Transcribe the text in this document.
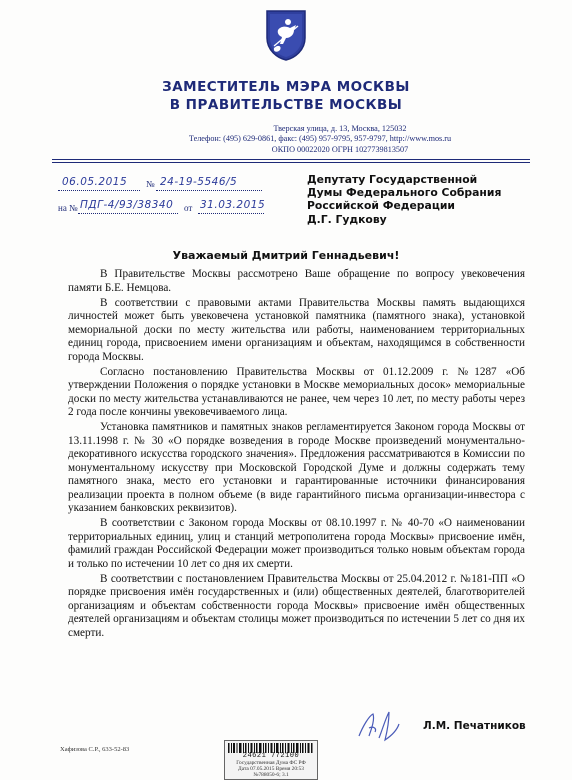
ЗАМЕСТИТЕЛЬ МЭРА МОСКВЫ
В ПРАВИТЕЛЬСТВЕ МОСКВЫ
Тверская улица, д. 13, Москва, 125032
Телефон: (495) 629-0861, факс: (495) 957-9795, 957-9797, http://www.mos.ru
ОКПО 00022020 ОГРН 1027739813507
06.05.2015 № 24-19-5546/5
на № ПДГ-4/93/38340 от 31.03.2015
Депутату Государственной
Думы Федерального Собрания
Российской Федерации
Д.Г. Гудкову
Уважаемый Дмитрий Геннадьевич!

В Правительстве Москвы рассмотрено Ваше обращение по вопросу увековечения памяти Б.Е. Немцова.

В соответствии с правовыми актами Правительства Москвы память выдающихся личностей может быть увековечена установкой памятника (памятного знака), установкой мемориальной доски по месту жительства или работы, наименованием территориальных единиц города, присвоением имени организациям и объектам, находящимся в собственности города Москвы.

Согласно постановлению Правительства Москвы от 01.12.2009 г. №1287 «Об утверждении Положения о порядке установки в Москве мемориальных досок» мемориальные доски по месту жительства устанавливаются не ранее, чем через 10 лет, по месту работы через 2 года после кончины увековечиваемого лица.

Установка памятников и памятных знаков регламентируется Законом города Москвы от 13.11.1998 г. № 30 «О порядке возведения в городе Москве произведений монументально-декоративного искусства городского значения». Предложения рассматриваются в Комиссии по монументальному искусству при Московской Городской Думе и должны содержать тему памятного знака, место его установки и гарантированные источники финансирования реализации проекта в полном объеме (в виде гарантийного письма организации-инвестора с указанием банковских реквизитов).

В соответствии с Законом города Москвы от 08.10.1997 г. № 40-70 «О наименовании территориальных единиц, улиц и станций метрополитена города Москвы» присвоение имён, фамилий граждан Российской Федерации может производиться только новым объектам города и только по истечении 10 лет со дня их смерти.

В соответствии с постановлением Правительства Москвы от 25.04.2012 г. №181-ПП «О порядке присвоения имён государственных и (или) общественных деятелей, благотворителей организациям и объектам собственности города Москвы» присвоение имён общественных деятелей организациям и объектам столицы может производиться по истечении 5 лет со дня их смерти.

Л.М. Печатников
Хафизова С.Р., 633-52-83
24621 772100
Государственная Дума ФС РФ
Дата 07.05.2015 Время 20:53
№788050-6; 3.1
